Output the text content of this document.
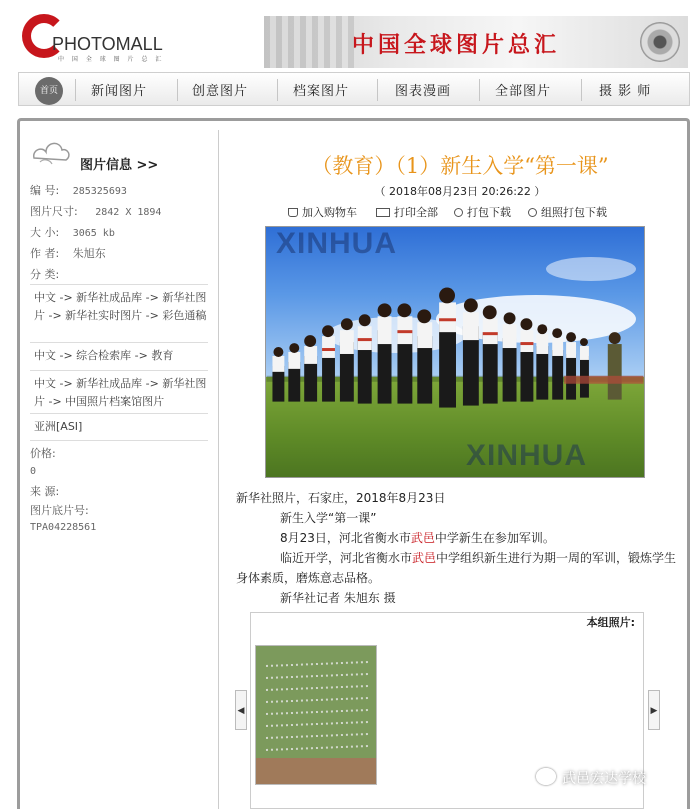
PHOTOMALL
中 国 全 球 图 片 总 汇
中国全球图片总汇
首页	新闻图片	创意图片	档案图片	图表漫画	全部图片	摄 影 师
图片信息 >>
编 号: 285325693
图片尺寸: 2842 X 1894
大 小: 3065 kb
作 者: 朱旭东
分 类:
中文 -> 新华社成品库 -> 新华社图片 -> 新华社实时图片 -> 彩色通稿
中文 -> 综合检索库 -> 教育
中文 -> 新华社成品库 -> 新华社图片 -> 中国照片档案馆图片
亚洲[ASI]
价格:
0
来 源:
图片底片号:
TPA04228561
（教育）（1）新生入学“第一课”
（ 2018年08月23日 20:26:22 ）
加入购物车	打印全部	打包下载	组照打包下载
XINHUA
XINHUA

新华社照片，石家庄，2018年8月23日

新生入学“第一课”

8月23日，河北省衡水市武邑中学新生在参加军训。

临近开学，河北省衡水市武邑中学组织新生进行为期一周的军训，锻炼学生身体素质，磨炼意志品格。

新华社记者 朱旭东 摄

本组照片:
◀	▶
武邑宏达学校
